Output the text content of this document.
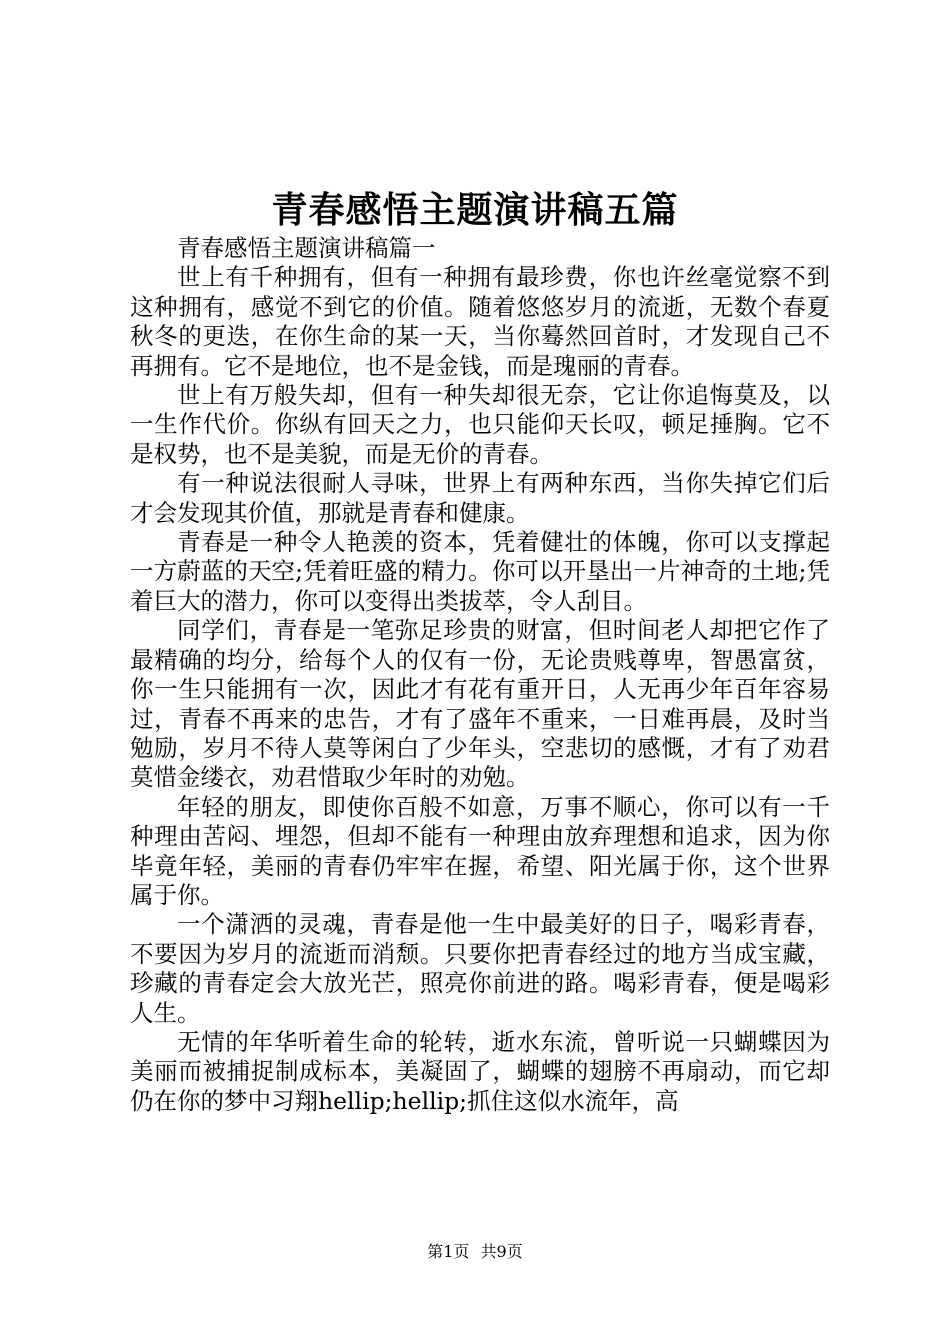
青春感悟主题演讲稿五篇

青春感悟主题演讲稿篇一

世上有千种拥有，但有一种拥有最珍费，你也许丝毫觉察不到这种拥有，感觉不到它的价值。随着悠悠岁月的流逝，无数个春夏秋冬的更迭，在你生命的某一天，当你蓦然回首时，才发现自己不再拥有。它不是地位，也不是金钱，而是瑰丽的青春。

世上有万般失却，但有一种失却很无奈，它让你追悔莫及，以一生作代价。你纵有回天之力，也只能仰天长叹，顿足捶胸。它不是权势，也不是美貌，而是无价的青春。

有一种说法很耐人寻味，世界上有两种东西，当你失掉它们后才会发现其价值，那就是青春和健康。

青春是一种令人艳羡的资本，凭着健壮的体魄，你可以支撑起一方蔚蓝的天空;凭着旺盛的精力。你可以开垦出一片神奇的土地;凭着巨大的潜力，你可以变得出类拔萃，令人刮目。

同学们，青春是一笔弥足珍贵的财富，但时间老人却把它作了最精确的均分，给每个人的仅有一份，无论贵贱尊卑，智愚富贫，你一生只能拥有一次，因此才有花有重开日，人无再少年百年容易过，青春不再来的忠告，才有了盛年不重来，一日难再晨，及时当勉励，岁月不待人莫等闲白了少年头，空悲切的感慨，才有了劝君莫惜金缕衣，劝君惜取少年时的劝勉。

年轻的朋友，即使你百般不如意，万事不顺心，你可以有一千种理由苦闷、埋怨，但却不能有一种理由放弃理想和追求，因为你毕竟年轻，美丽的青春仍牢牢在握，希望、阳光属于你，这个世界属于你。

一个潇洒的灵魂，青春是他一生中最美好的日子，喝彩青春，不要因为岁月的流逝而消颓。只要你把青春经过的地方当成宝藏，珍藏的青春定会大放光芒，照亮你前进的路。喝彩青春，便是喝彩人生。

无情的年华听着生命的轮转，逝水东流，曾听说一只蝴蝶因为美丽而被捕捉制成标本，美凝固了，蝴蝶的翅膀不再扇动，而它却仍在你的梦中习翔hellip;hellip;抓住这似水流年，高

第1页 共9页
